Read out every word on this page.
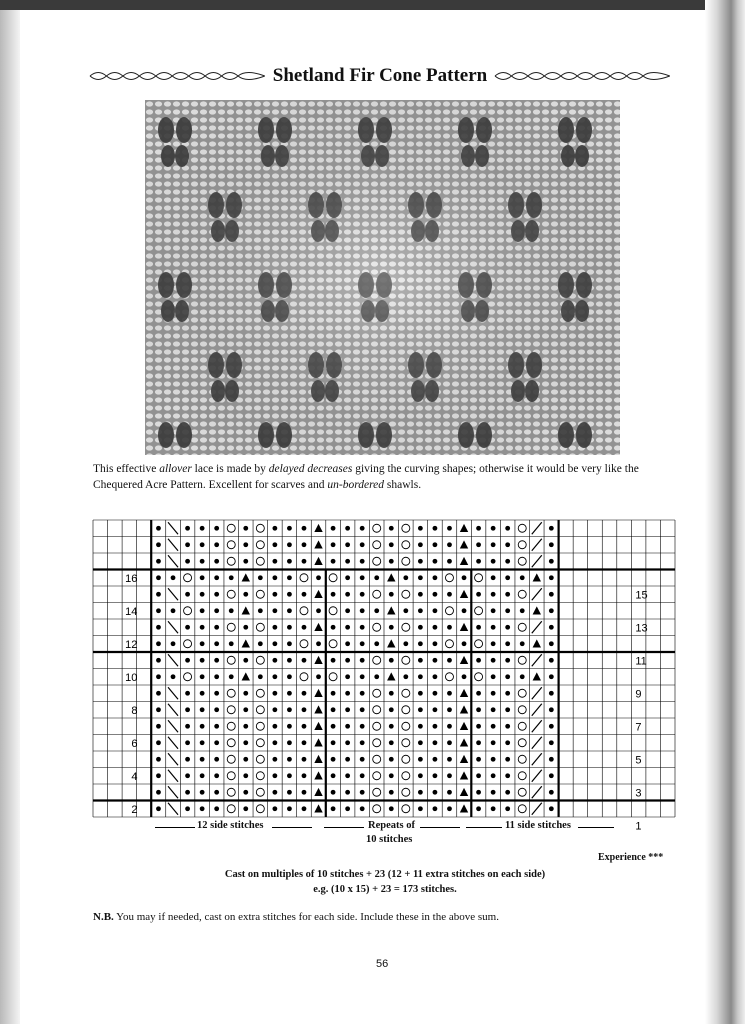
Shetland Fir Cone Pattern

This effective allover lace is made by delayed decreases giving the curving shapes; otherwise it would be very like the Chequered Acre Pattern. Excellent for scarves and un-bordered shawls.

16
14
12
10
8
6
4
2
15
13
11
9
7
5
3
1
12 side stitches	Repeats of
10 stitches
11 side stitches
Experience ***
Cast on multiples of 10 stitches + 23 (12 + 11 extra stitches on each side)
e.g. (10 x 15) + 23 = 173 stitches.
N.B. You may if needed, cast on extra stitches for each side. Include these in the above sum.
56
